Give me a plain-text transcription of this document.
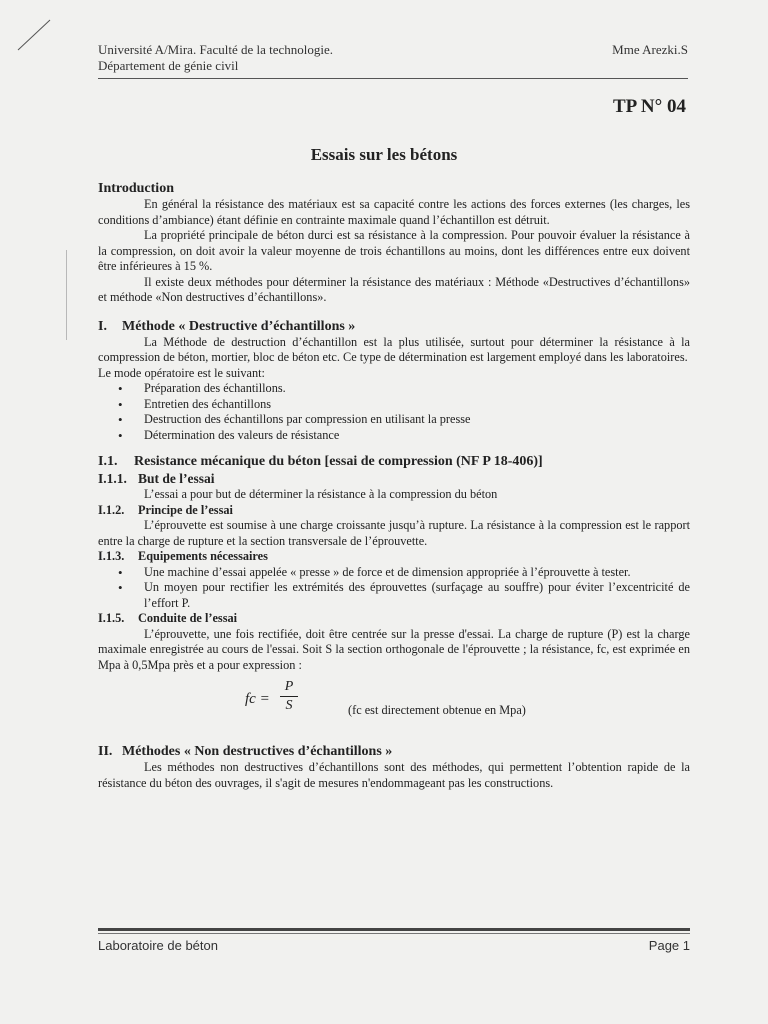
Université A/Mira. Faculté de la technologie.
Département de génie civil
Mme Arezki.S
TP N° 04
Essais sur les bétons
Introduction

En général la résistance des matériaux est sa capacité contre les actions des forces externes (les charges, les conditions d’ambiance) étant définie en contrainte maximale quand l’échantillon est détruit.

La propriété principale de béton durci est sa résistance à la compression. Pour pouvoir évaluer la résistance à la compression, on doit avoir la valeur moyenne de trois échantillons au moins, dont les différences entre eux doivent être inférieures à 15 %.

Il existe deux méthodes pour déterminer la résistance des matériaux : Méthode «Destructives d’échantillons» et méthode «Non destructives d’échantillons».

I. Méthode « Destructive d’échantillons »

La Méthode de destruction d’échantillon est la plus utilisée, surtout pour déterminer la résistance à la compression de béton, mortier, bloc de béton etc. Ce type de détermination est largement employé dans les laboratoires.

Le mode opératoire est le suivant:

• Préparation des échantillons.
• Entretien des échantillons
• Destruction des échantillons par compression en utilisant la presse
• Détermination des valeurs de résistance
I.1. Resistance mécanique du béton [essai de compression (NF P 18-406)]
I.1.1. But de l’essai

L’essai a pour but de déterminer la résistance à la compression du béton

I.1.2. Principe de l’essai

L’éprouvette est soumise à une charge croissante jusqu’à rupture. La résistance à la compression est le rapport entre la charge de rupture et la section transversale de l’éprouvette.

I.1.3. Equipements nécessaires
• Une machine d’essai appelée « presse » de force et de dimension appropriée à l’éprouvette à tester.
• Un moyen pour rectifier les extrémités des éprouvettes (surfaçage au souffre) pour éviter l’excentricité de l’effort P.
I.1.5. Conduite de l’essai

L’éprouvette, une fois rectifiée, doit être centrée sur la presse d'essai. La charge de rupture (P) est la charge maximale enregistrée au cours de l'essai. Soit S la section orthogonale de l'éprouvette ; la résistance, fc, est exprimée en Mpa à 0,5Mpa près et a pour expression :

fc =
P
S	(fc est directement obtenue en Mpa)
II. Méthodes « Non destructives d’échantillons »

Les méthodes non destructives d’échantillons sont des méthodes, qui permettent l’obtention rapide de la résistance du béton des ouvrages, il s'agit de mesures n'endommageant pas les constructions.

Laboratoire de béton	Page 1
